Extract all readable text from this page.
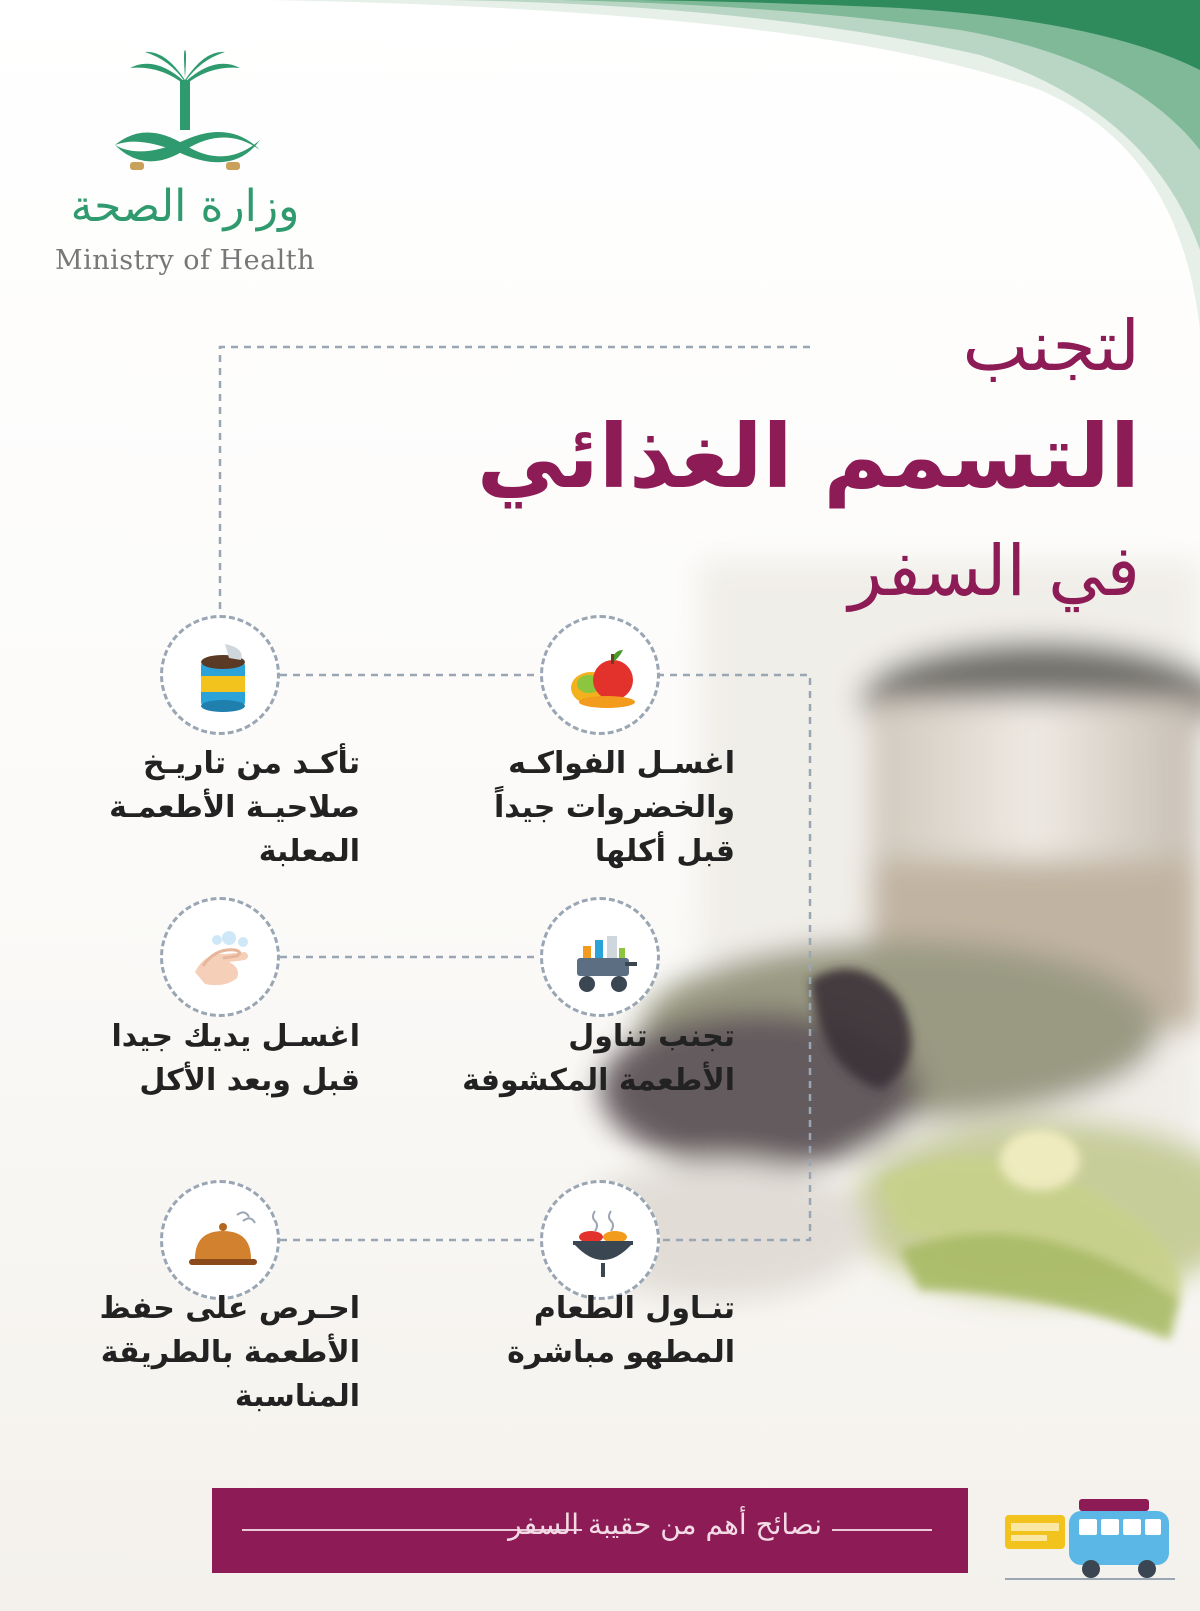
وزارة الصحة
Ministry of Health
لتجنب
التسمم الغذائي
في السفر
اغسـل الفواكـه
والخضروات جيداً
قبل أكلها
تأكـد من تاريـخ
صلاحيـة الأطعمـة
المعلبة
تجنب تناول
الأطعمة المكشوفة
اغسـل يديك جيدا
قبل وبعد الأكل
تنـاول الطعام
المطهو مباشرة
احـرص على حفظ
الأطعمة بالطريقة
المناسبة
نصائح أهم من حقيبة السفر
